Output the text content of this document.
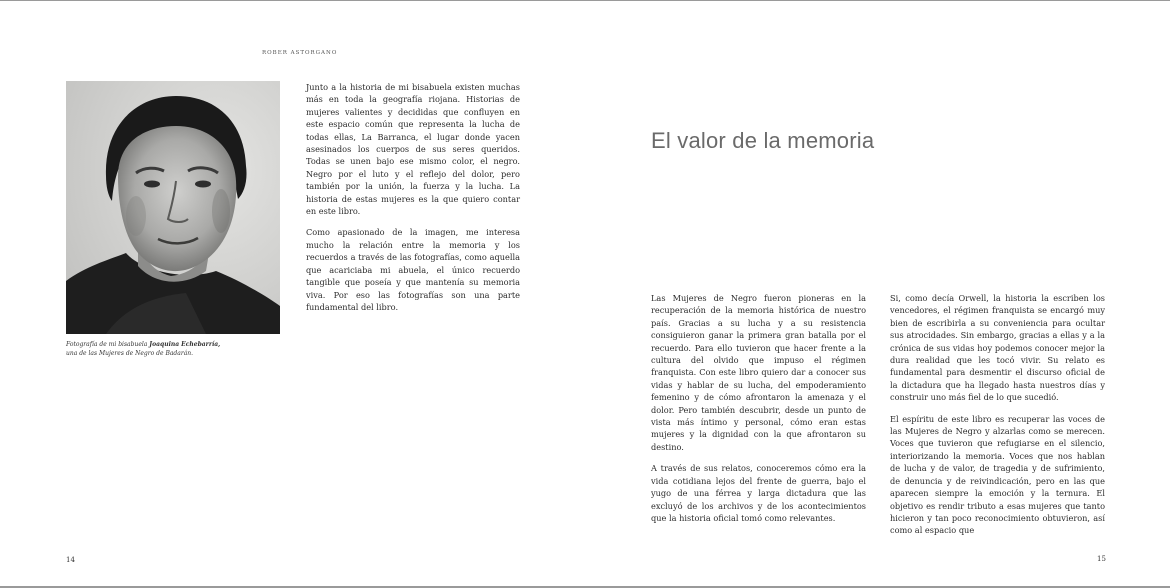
ROBER ASTORGANO
Fotografía de mi bisabuela Joaquina Echebarría,
una de las Mujeres de Negro de Badarán.

Junto a la historia de mi bisabuela existen muchas más en toda la geografía riojana. Historias de mujeres valientes y decididas que confluyen en este espacio común que representa la lucha de todas ellas, La Barranca, el lugar donde yacen asesinados los cuerpos de sus seres queridos. Todas se unen bajo ese mismo color, el negro. Negro por el luto y el reflejo del dolor, pero también por la unión, la fuerza y la lucha. La historia de estas mujeres es la que quiero contar en este libro.

Como apasionado de la imagen, me interesa mucho la relación entre la memoria y los recuerdos a través de las fotografías, como aquella que acariciaba mi abuela, el único recuerdo tangible que poseía y que mantenía su memoria viva. Por eso las fotografías son una parte fundamental del libro.

14
El valor de la memoria

Las Mujeres de Negro fueron pioneras en la recuperación de la memoria histórica de nuestro país. Gracias a su lucha y a su resistencia consiguieron ganar la primera gran batalla por el recuerdo. Para ello tuvieron que hacer frente a la cultura del olvido que impuso el régimen franquista. Con este libro quiero dar a conocer sus vidas y hablar de su lucha, del empoderamiento femenino y de cómo afrontaron la amenaza y el dolor. Pero también descubrir, desde un punto de vista más íntimo y personal, cómo eran estas mujeres y la dignidad con la que afrontaron su destino.

A través de sus relatos, conoceremos cómo era la vida cotidiana lejos del frente de guerra, bajo el yugo de una férrea y larga dictadura que las excluyó de los archivos y de los acontecimientos que la historia oficial tomó como relevantes.

Si, como decía Orwell, la historia la escriben los vencedores, el régimen franquista se encargó muy bien de escribirla a su conveniencia para ocultar sus atrocidades. Sin embargo, gracias a ellas y a la crónica de sus vidas hoy podemos conocer mejor la dura realidad que les tocó vivir. Su relato es fundamental para desmentir el discurso oficial de la dictadura que ha llegado hasta nuestros días y construir uno más fiel de lo que sucedió.

El espíritu de este libro es recuperar las voces de las Mujeres de Negro y alzarlas como se merecen. Voces que tuvieron que refugiarse en el silencio, interiorizando la memoria. Voces que nos hablan de lucha y de valor, de tragedia y de sufrimiento, de denuncia y de reivindicación, pero en las que aparecen siempre la emoción y la ternura. El objetivo es rendir tributo a esas mujeres que tanto hicieron y tan poco reconocimiento obtuvieron, así como al espacio que

15
